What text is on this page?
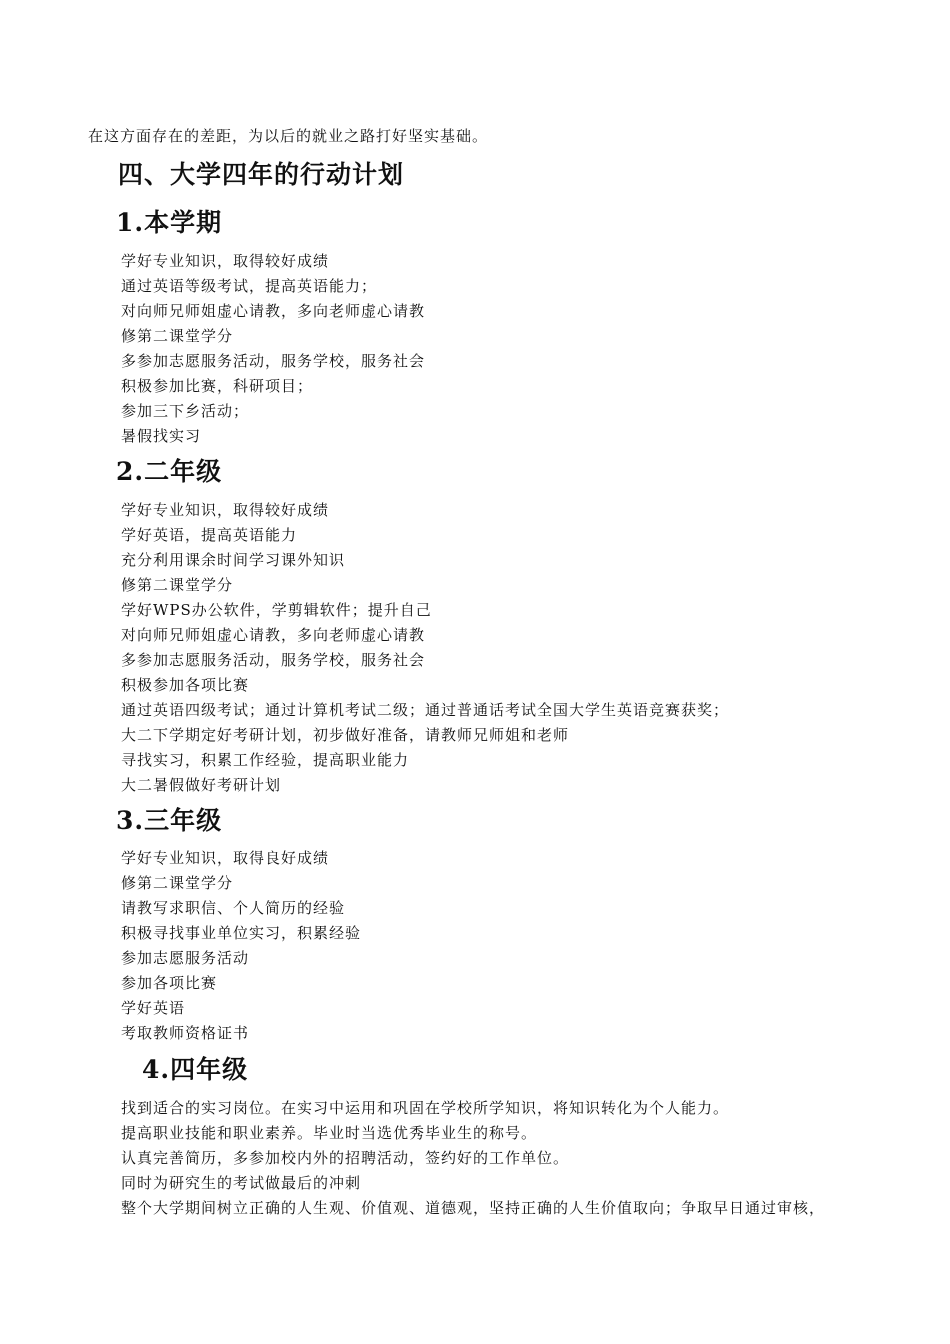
在这方面存在的差距，为以后的就业之路打好坚实基础。
四、大学四年的行动计划
1.本学期
学好专业知识，取得较好成绩
通过英语等级考试，提高英语能力；
对向师兄师姐虚心请教，多向老师虚心请教
修第二课堂学分
多参加志愿服务活动，服务学校，服务社会
积极参加比赛，科研项目；
参加三下乡活动；
暑假找实习
2.二年级
学好专业知识，取得较好成绩
学好英语，提高英语能力
充分利用课余时间学习课外知识
修第二课堂学分
学好WPS办公软件，学剪辑软件；提升自己
对向师兄师姐虚心请教，多向老师虚心请教
多参加志愿服务活动，服务学校，服务社会
积极参加各项比赛
通过英语四级考试；通过计算机考试二级；通过普通话考试全国大学生英语竞赛获奖；
大二下学期定好考研计划，初步做好准备，请教师兄师姐和老师
寻找实习，积累工作经验，提高职业能力
大二暑假做好考研计划
3.三年级
学好专业知识，取得良好成绩
修第二课堂学分
请教写求职信、个人简历的经验
积极寻找事业单位实习，积累经验
参加志愿服务活动
参加各项比赛
学好英语
考取教师资格证书
4.四年级
找到适合的实习岗位。在实习中运用和巩固在学校所学知识，将知识转化为个人能力。
提高职业技能和职业素养。毕业时当选优秀毕业生的称号。
认真完善简历，多参加校内外的招聘活动，签约好的工作单位。
同时为研究生的考试做最后的冲刺
整个大学期间树立正确的人生观、价值观、道德观，坚持正确的人生价值取向；争取早日通过审核，
